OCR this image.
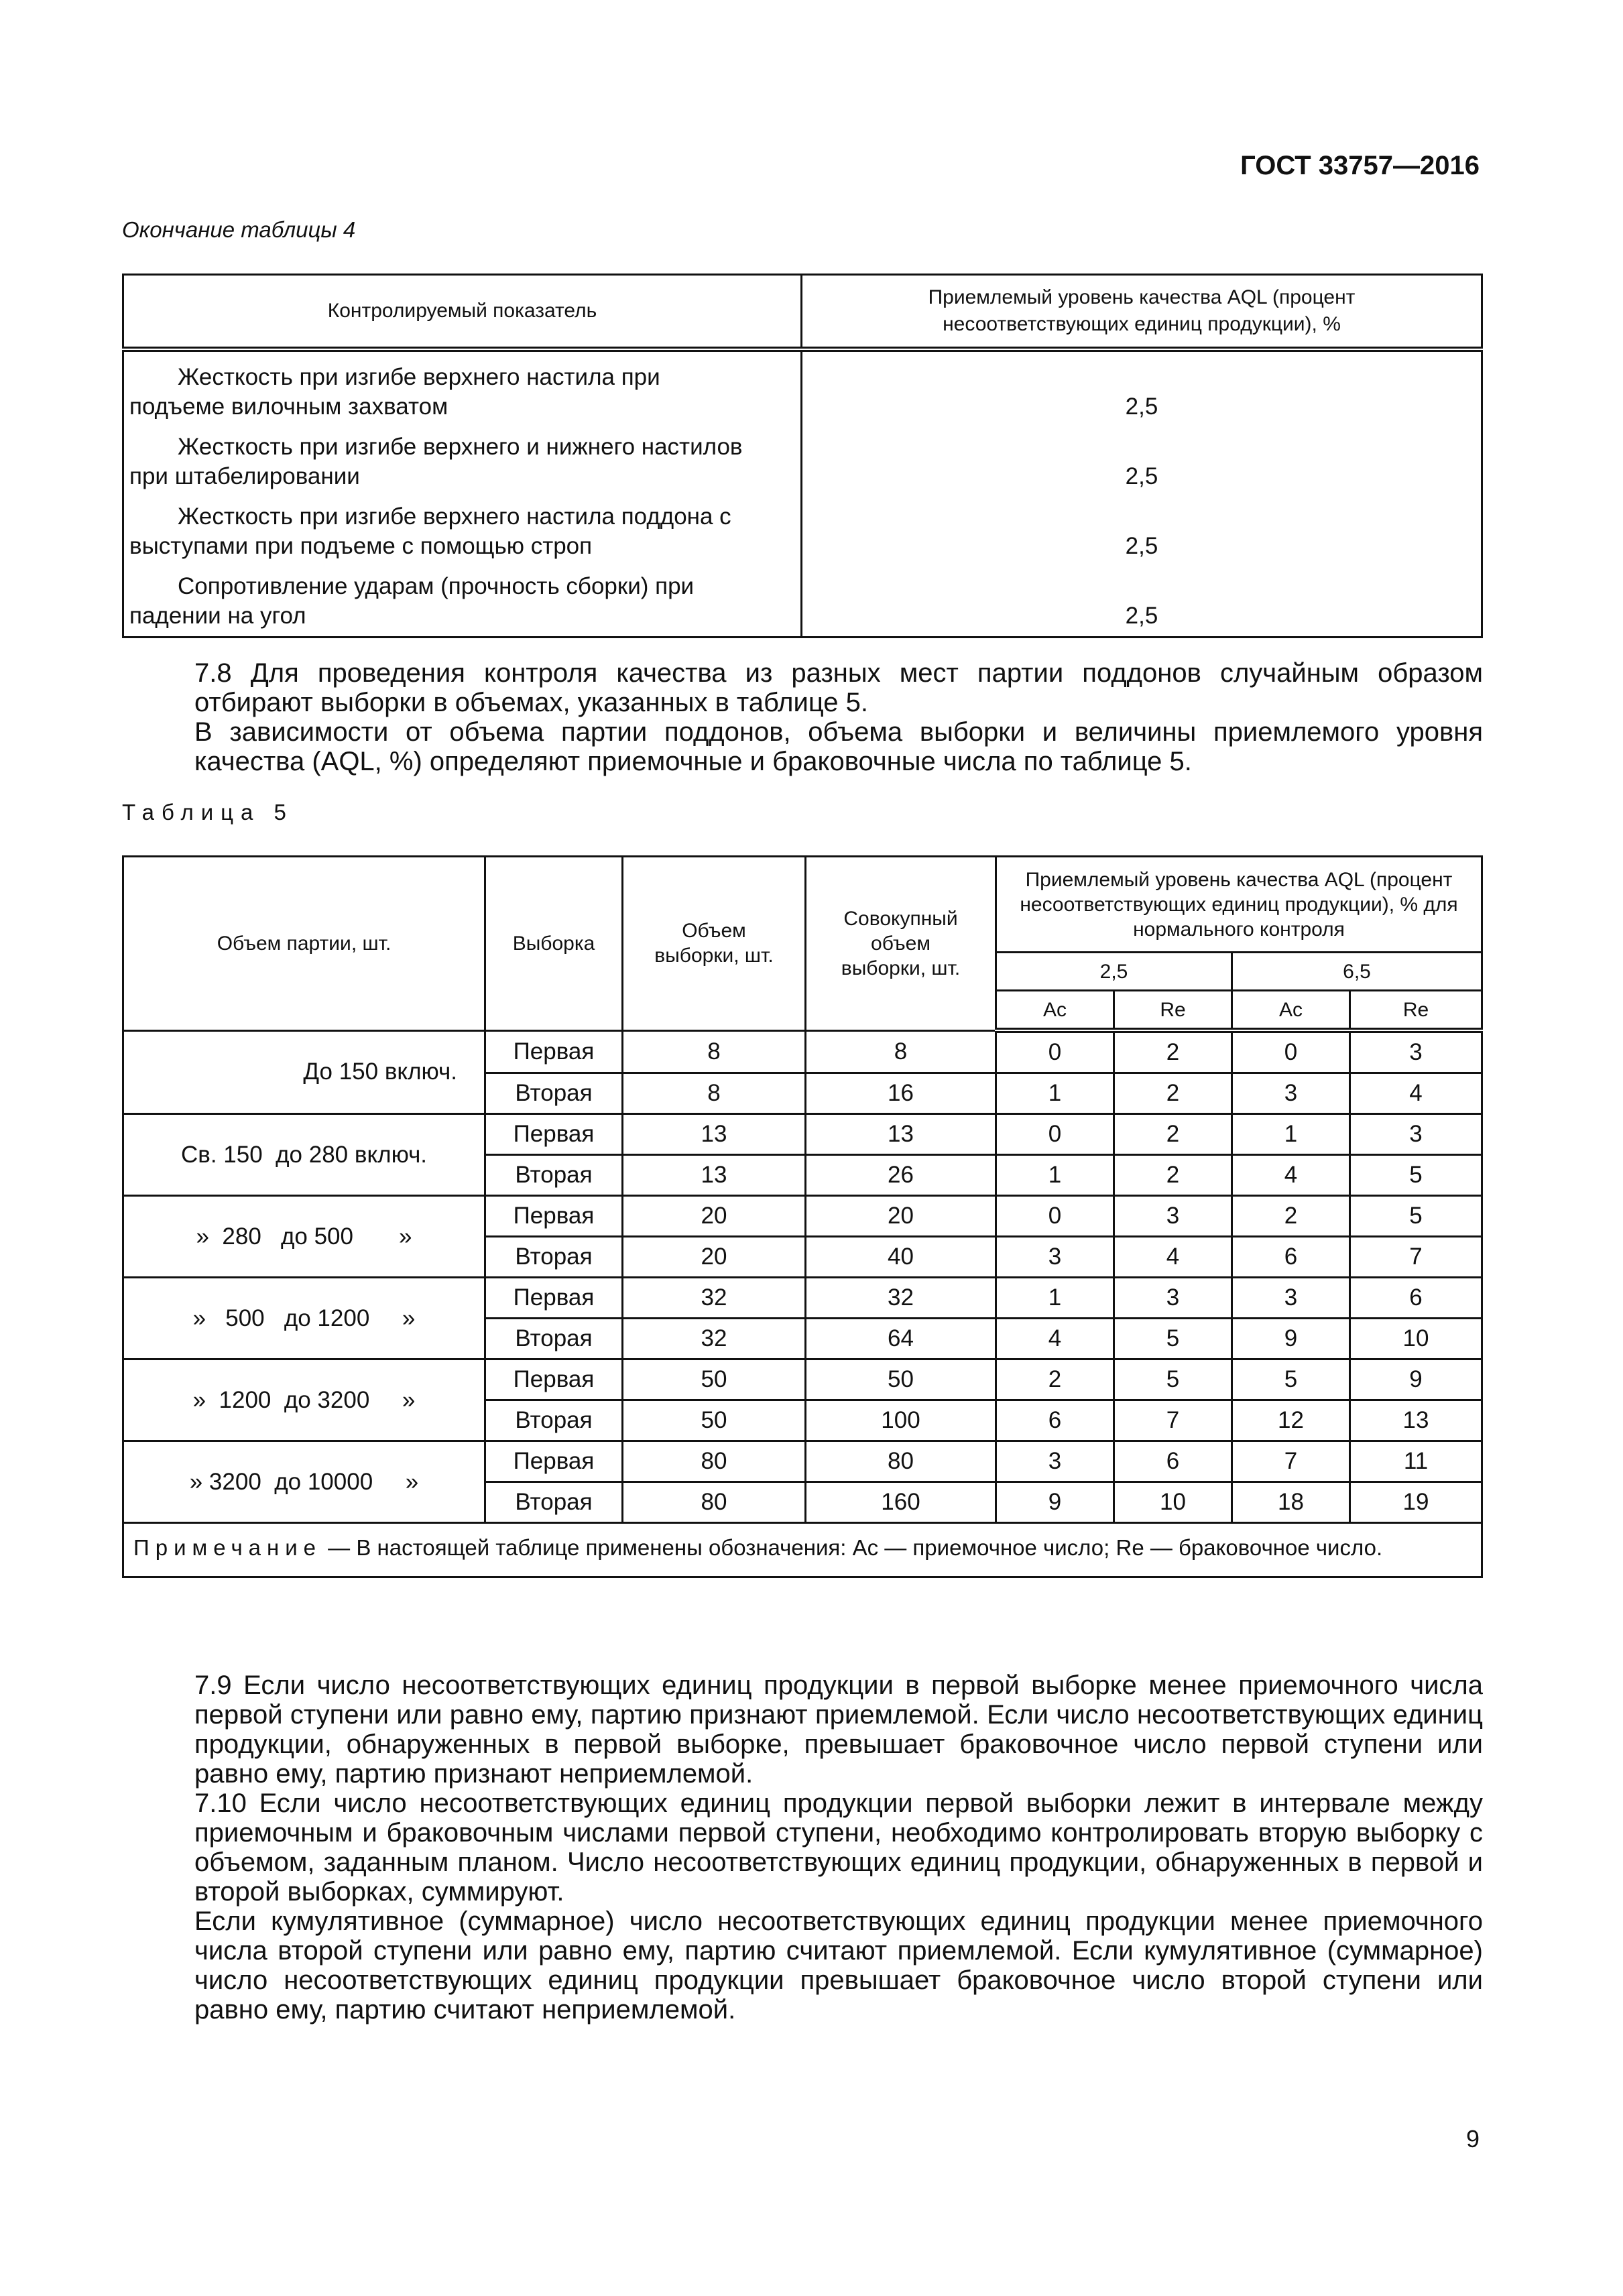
ГОСТ 33757—2016
Окончание таблицы 4
Контролируемый показатель	Приемлемый уровень качества AQL (процент несоответствующих единиц продукции), %

Жесткость при изгибе верхнего настила при
подъеме вилочным захватом	2,5

Жесткость при изгибе верхнего и нижнего настилов
при штабелировании	2,5

Жесткость при изгибе верхнего настила поддона с
выступами при подъеме с помощью строп	2,5

Сопротивление ударам (прочность сборки) при
падении на угол	2,5
7.8 Для проведения контроля качества из разных мест партии поддонов случайным образом отбирают выборки в объемах, указанных в таблице 5.
В зависимости от объема партии поддонов, объема выборки и величины приемлемого уровня качества (AQL, %) определяют приемочные и браковочные числа по таблице 5.
Таблица 5
Объем партии, шт.	Выборка	Объем выборки, шт.	Совокупный объем выборки, шт.	Приемлемый уровень качества AQL (процент несоответствующих единиц продукции), % для нормального контроля			
				2,5		6,5	
				Ac	Re	Ac	Re
До 150 включ.	Первая	8	8	0	2	0	3
	Вторая	8	16	1	2	3	4
Св. 150  до 280 включ.	Первая	13	13	0	2	1	3
	Вторая	13	26	1	2	4	5
»  280   до 500       »	Первая	20	20	0	3	2	5
	Вторая	20	40	3	4	6	7
»   500   до 1200     »	Первая	32	32	1	3	3	6
	Вторая	32	64	4	5	9	10
»  1200  до 3200     »	Первая	50	50	2	5	5	9
	Вторая	50	100	6	7	12	13
» 3200  до 10000     »	Первая	80	80	3	6	7	11
	Вторая	80	160	9	10	18	19
Примечание — В настоящей таблице применены обозначения: Ac — приемочное число; Re — браковочное число.							
7.9 Если число несоответствующих единиц продукции в первой выборке менее приемочного числа первой ступени или равно ему, партию признают приемлемой. Если число несоответствующих единиц продукции, обнаруженных в первой выборке, превышает браковочное число первой ступени или равно ему, партию признают неприемлемой.
7.10 Если число несоответствующих единиц продукции первой выборки лежит в интервале между приемочным и браковочным числами первой ступени, необходимо контролировать вторую выборку с объемом, заданным планом. Число несоответствующих единиц продукции, обнаруженных в первой и второй выборках, суммируют.
Если кумулятивное (суммарное) число несоответствующих единиц продукции менее приемочного числа второй ступени или равно ему, партию считают приемлемой. Если кумулятивное (суммарное) число несоответствующих единиц продукции превышает браковочное число второй ступени или равно ему, партию считают неприемлемой.
9
